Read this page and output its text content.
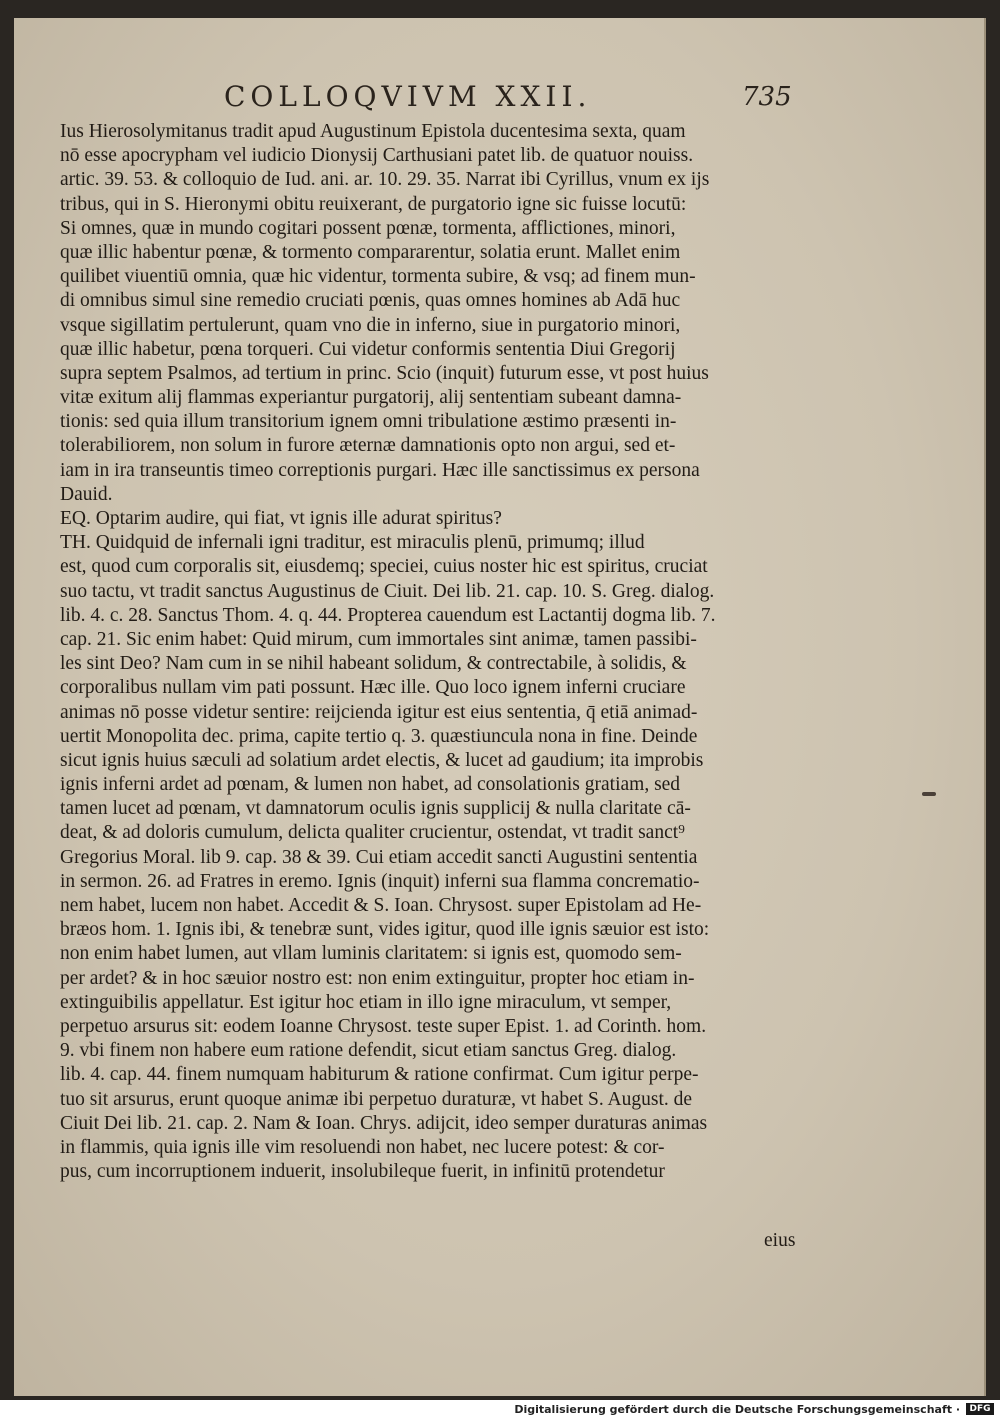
COLLOQVIVM XXII.	735
Ius Hierosolymitanus tradit apud Augustinum Epistola ducentesima sexta, quam
nō esse apocrypham vel iudicio Dionysij Carthusiani patet lib. de quatuor nouiss.
artic. 39. 53. & colloquio de Iud. ani. ar. 10. 29. 35. Narrat ibi Cyrillus, vnum ex ijs
tribus, qui in S. Hieronymi obitu reuixerant, de purgatorio igne sic fuisse locutū:
Si omnes, quæ in mundo cogitari possent pœnæ, tormenta, afflictiones, minori,
quæ illic habentur pœnæ, & tormento compararentur, solatia erunt. Mallet enim
quilibet viuentiū omnia, quæ hic videntur, tormenta subire, & vsq; ad finem mun-
di omnibus simul sine remedio cruciati pœnis, quas omnes homines ab Adā huc
vsque sigillatim pertulerunt, quam vno die in inferno, siue in purgatorio minori,
quæ illic habetur, pœna torqueri. Cui videtur conformis sententia Diui Gregorij
supra septem Psalmos, ad tertium in princ. Scio (inquit) futurum esse, vt post huius
vitæ exitum alij flammas experiantur purgatorij, alij sententiam subeant damna-
tionis: sed quia illum transitorium ignem omni tribulatione æstimo præsenti in-
tolerabiliorem, non solum in furore æternæ damnationis opto non argui, sed et-
iam in ira transeuntis timeo correptionis purgari. Hæc ille sanctissimus ex persona
Dauid.
EQ. Optarim audire, qui fiat, vt ignis ille adurat spiritus?
TH. Quidquid de infernali igni traditur, est miraculis plenū, primumq; illud
est, quod cum corporalis sit, eiusdemq; speciei, cuius noster hic est spiritus, cruciat
suo tactu, vt tradit sanctus Augustinus de Ciuit. Dei lib. 21. cap. 10. S. Greg. dialog.
lib. 4. c. 28. Sanctus Thom. 4. q. 44. Propterea cauendum est Lactantij dogma lib. 7.
cap. 21. Sic enim habet: Quid mirum, cum immortales sint animæ, tamen passibi-
les sint Deo? Nam cum in se nihil habeant solidum, & contrectabile, à solidis, &
corporalibus nullam vim pati possunt. Hæc ille. Quo loco ignem inferni cruciare
animas nō posse videtur sentire: reijcienda igitur est eius sententia, q̄ etiā animad-
uertit Monopolita dec. prima, capite tertio q. 3. quæstiuncula nona in fine. Deinde
sicut ignis huius sæculi ad solatium ardet electis, & lucet ad gaudium; ita improbis
ignis inferni ardet ad pœnam, & lumen non habet, ad consolationis gratiam, sed
tamen lucet ad pœnam, vt damnatorum oculis ignis supplicij & nulla claritate cā-
deat, & ad doloris cumulum, delicta qualiter crucientur, ostendat, vt tradit sanct⁹
Gregorius Moral. lib 9. cap. 38 & 39. Cui etiam accedit sancti Augustini sententia
in sermon. 26. ad Fratres in eremo. Ignis (inquit) inferni sua flamma concrematio-
nem habet, lucem non habet. Accedit & S. Ioan. Chrysost. super Epistolam ad He-
bræos hom. 1. Ignis ibi, & tenebræ sunt, vides igitur, quod ille ignis sæuior est isto:
non enim habet lumen, aut vllam luminis claritatem: si ignis est, quomodo sem-
per ardet? & in hoc sæuior nostro est: non enim extinguitur, propter hoc etiam in-
extinguibilis appellatur. Est igitur hoc etiam in illo igne miraculum, vt semper,
perpetuo arsurus sit: eodem Ioanne Chrysost. teste super Epist. 1. ad Corinth. hom.
9. vbi finem non habere eum ratione defendit, sicut etiam sanctus Greg. dialog.
lib. 4. cap. 44. finem numquam habiturum & ratione confirmat. Cum igitur perpe-
tuo sit arsurus, erunt quoque animæ ibi perpetuo duraturæ, vt habet S. August. de
Ciuit Dei lib. 21. cap. 2. Nam & Ioan. Chrys. adijcit, ideo semper duraturas animas
in flammis, quia ignis ille vim resoluendi non habet, nec lucere potest: & cor-
pus, cum incorruptionem induerit, insolubileque fuerit, in infinitū protendetur
eius
Digitalisierung gefördert durch die Deutsche Forschungsgemeinschaft ·	DFG
